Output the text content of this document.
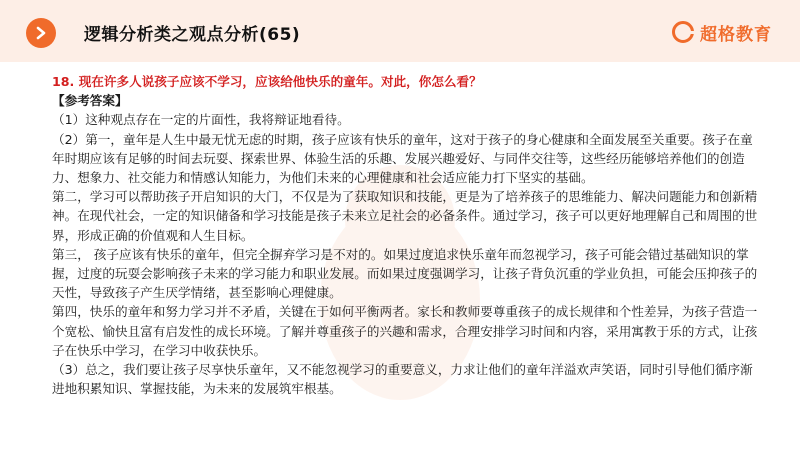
逻辑分析类之观点分析(65)	超格教育

18. 现在许多人说孩子应该不学习，应该给他快乐的童年。对此，你怎么看？

【参考答案】

（1）这种观点存在一定的片面性，我将辩证地看待。

（2）第一，童年是人生中最无忧无虑的时期，孩子应该有快乐的童年，这对于孩子的身心健康和全面发展至关重要。孩子在童年时期应该有足够的时间去玩耍、探索世界、体验生活的乐趣、发展兴趣爱好、与同伴交往等，这些经历能够培养他们的创造力、想象力、社交能力和情感认知能力，为他们未来的心理健康和社会适应能力打下坚实的基础。

第二，学习可以帮助孩子开启知识的大门，不仅是为了获取知识和技能，更是为了培养孩子的思维能力、解决问题能力和创新精神。在现代社会，一定的知识储备和学习技能是孩子未来立足社会的必备条件。通过学习，孩子可以更好地理解自己和周围的世界，形成正确的价值观和人生目标。

第三， 孩子应该有快乐的童年，但完全摒弃学习是不对的。如果过度追求快乐童年而忽视学习，孩子可能会错过基础知识的掌握，过度的玩耍会影响孩子未来的学习能力和职业发展。而如果过度强调学习，让孩子背负沉重的学业负担，可能会压抑孩子的天性，导致孩子产生厌学情绪，甚至影响心理健康。

第四，快乐的童年和努力学习并不矛盾，关键在于如何平衡两者。家长和教师要尊重孩子的成长规律和个性差异，为孩子营造一个宽松、愉快且富有启发性的成长环境。了解并尊重孩子的兴趣和需求，合理安排学习时间和内容，采用寓教于乐的方式，让孩子在快乐中学习，在学习中收获快乐。

（3）总之，我们要让孩子尽享快乐童年，又不能忽视学习的重要意义，力求让他们的童年洋溢欢声笑语，同时引导他们循序渐进地积累知识、掌握技能，为未来的发展筑牢根基。
